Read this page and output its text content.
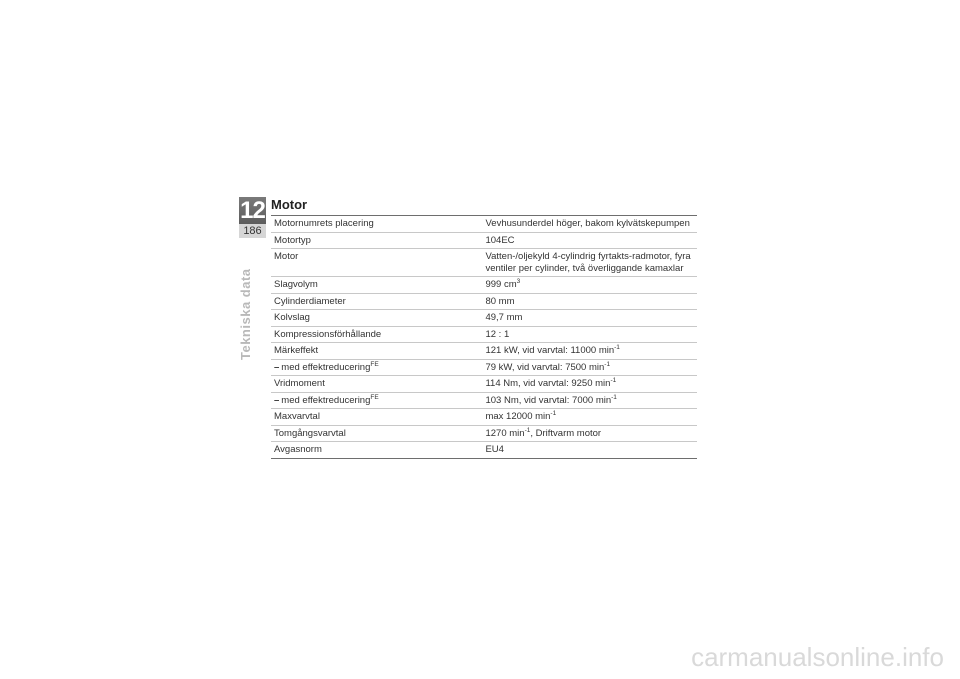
12
186
Tekniska data
Motor
Motornumrets placering	Vevhusunderdel höger, bakom kylvätskepumpen
Motortyp	104EC
Motor	Vatten-/oljekyld 4-cylindrig fyrtakts-radmotor, fyra ventiler per cylinder, två överliggande kamaxlar
Slagvolym	999 $cm^3$
Cylinderdiameter	80 mm
Kolvslag	49,7 mm
Kompressionsförhållande	12 : 1
Märkeffekt	121 kW, vid varvtal: 11000 $\min^{-1}$
– med effektreducering$^{FE}$	79 kW, vid varvtal: 7500 $\min^{-1}$
Vridmoment	114 Nm, vid varvtal: 9250 $\min^{-1}$
– med effektreducering$^{FE}$	103 Nm, vid varvtal: 7000 $\min^{-1}$
Maxvarvtal	max 12000 $\min^{-1}$
Tomgångsvarvtal	1270 $\min^{-1}$, Driftvarm motor
Avgasnorm	EU4
carmanualsonline.info
